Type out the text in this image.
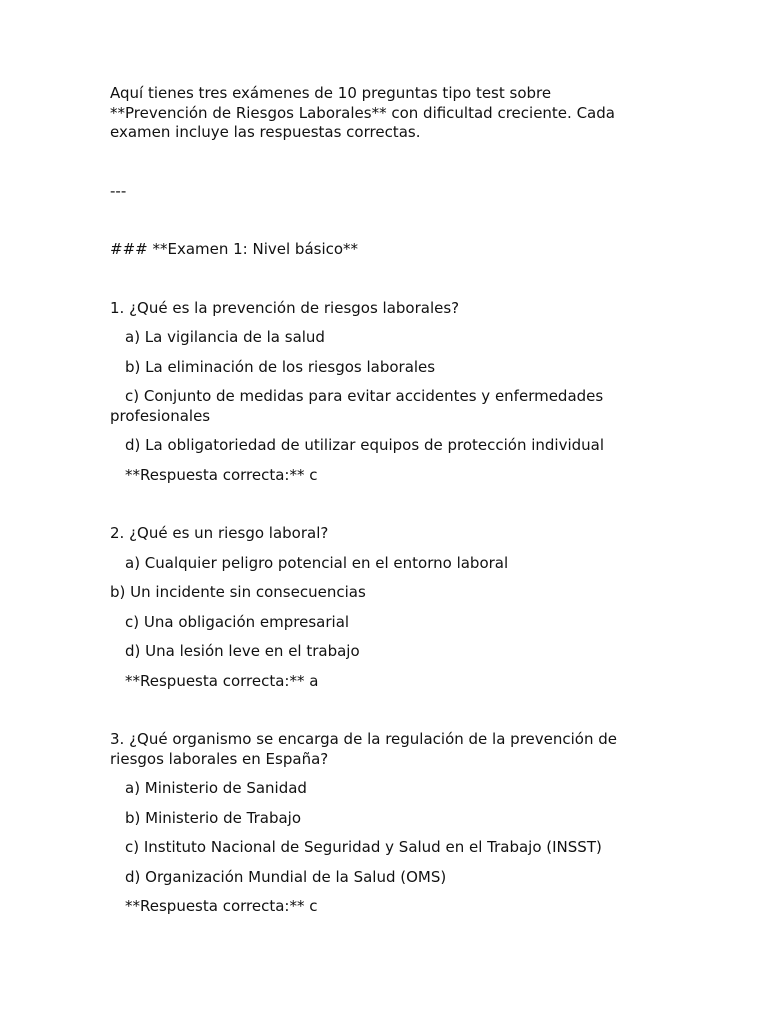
Aquí tienes tres exámenes de 10 preguntas tipo test sobre **Prevención de Riesgos Laborales** con dificultad creciente. Cada examen incluye las respuestas correctas.

---

### **Examen 1: Nivel básico**

1. ¿Qué es la prevención de riesgos laborales?

a) La vigilancia de la salud

b) La eliminación de los riesgos laborales

c) Conjunto de medidas para evitar accidentes y enfermedades profesionales

d) La obligatoriedad de utilizar equipos de protección individual

**Respuesta correcta:** c

2. ¿Qué es un riesgo laboral?

a) Cualquier peligro potencial en el entorno laboral

b) Un incidente sin consecuencias

c) Una obligación empresarial

d) Una lesión leve en el trabajo

**Respuesta correcta:** a

3. ¿Qué organismo se encarga de la regulación de la prevención de riesgos laborales en España?

a) Ministerio de Sanidad

b) Ministerio de Trabajo

c) Instituto Nacional de Seguridad y Salud en el Trabajo (INSST)

d) Organización Mundial de la Salud (OMS)

**Respuesta correcta:** c
